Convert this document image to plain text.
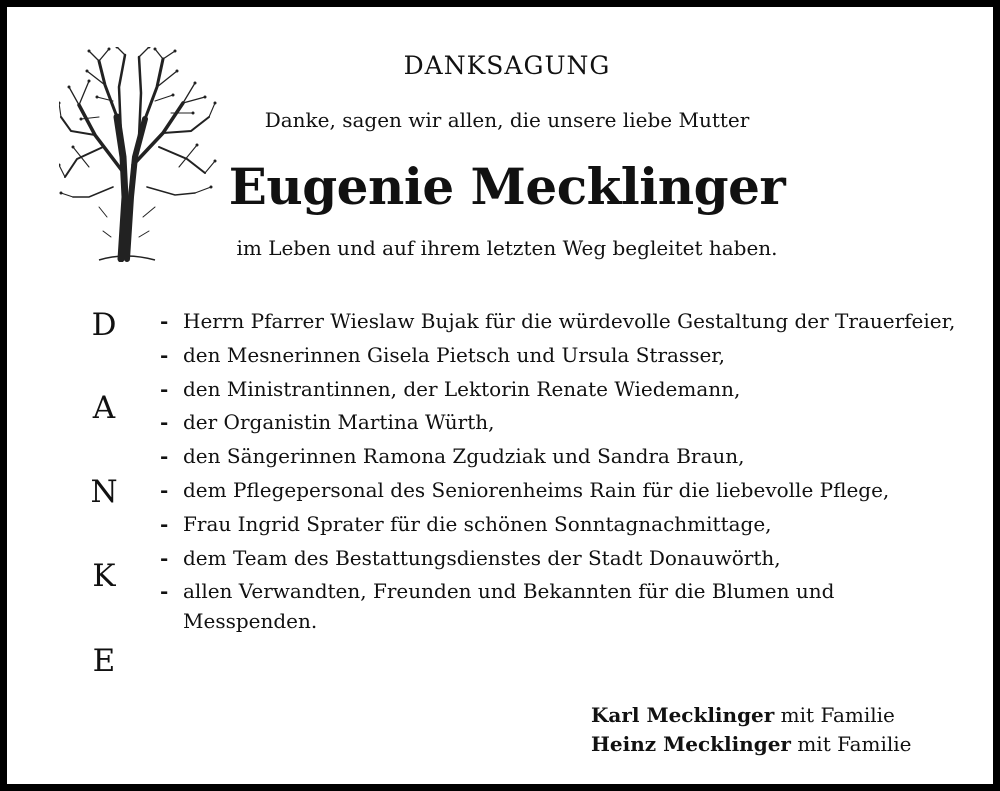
DANKSAGUNG
Danke, sagen wir allen, die unsere liebe Mutter
Eugenie Mecklinger
im Leben und auf ihrem letzten Weg begleitet haben.
D
A
N
K
E
- Herrn Pfarrer Wieslaw Bujak für die würdevolle Gestaltung der Trauerfeier,
- den Mesnerinnen Gisela Pietsch und Ursula Strasser,
- den Ministrantinnen, der Lektorin Renate Wiedemann,
- der Organistin Martina Würth,
- den Sängerinnen Ramona Zgudziak und Sandra Braun,
- dem Pflegepersonal des Seniorenheims Rain für die liebevolle Pflege,
- Frau Ingrid Sprater für die schönen Sonntagnachmittage,
- dem Team des Bestattungsdienstes der Stadt Donauwörth,
- allen Verwandten, Freunden und Bekannten für die Blumen und Messpenden.
Karl Mecklinger mit Familie
Heinz Mecklinger mit Familie
